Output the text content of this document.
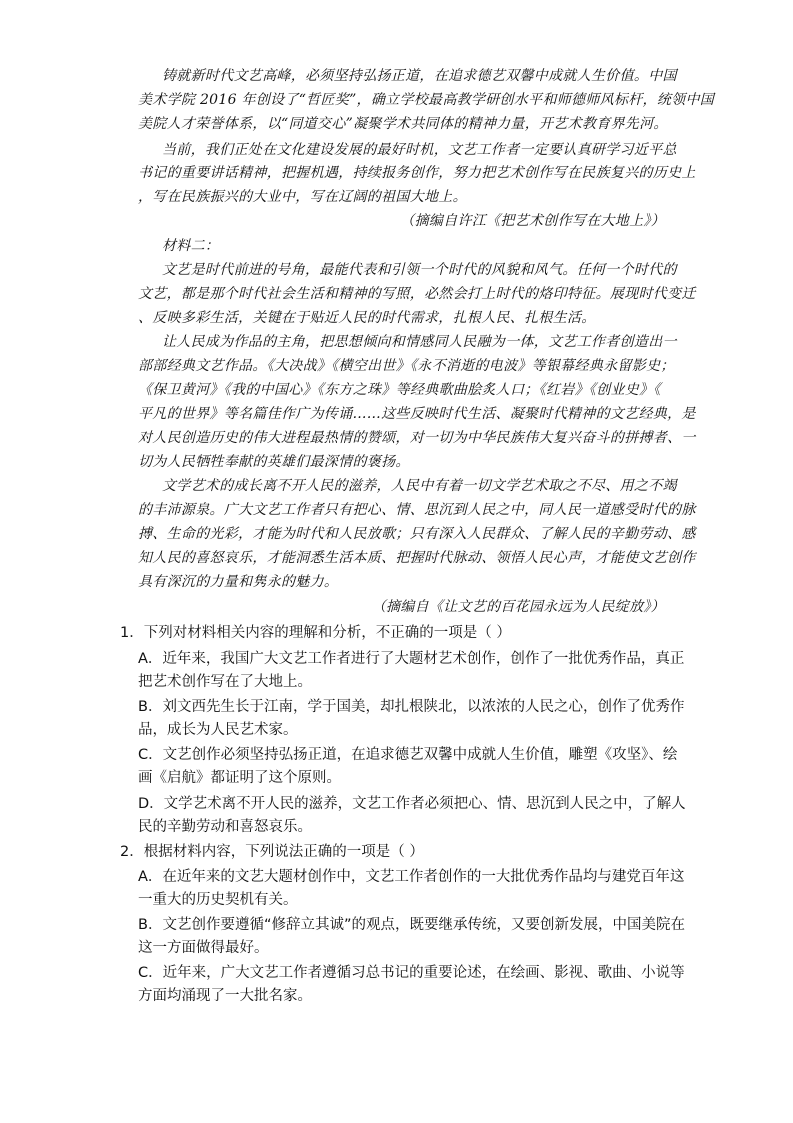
铸就新时代文艺高峰，必须坚持弘扬正道，在追求德艺双馨中成就人生价值。中国

美术学院 2016 年创设了“哲匠奖”，确立学校最高教学研创水平和师德师风标杆，统领中国

美院人才荣誉体系，以“同道交心”凝聚学术共同体的精神力量，开艺术教育界先河。

当前，我们正处在文化建设发展的最好时机，文艺工作者一定要认真研学习近平总

书记的重要讲话精神，把握机遇，持续报务创作，努力把艺术创作写在民族复兴的历史上

，写在民族振兴的大业中，写在辽阔的祖国大地上。

（摘编自许江《把艺术创作写在大地上》）

材料二：

文艺是时代前进的号角，最能代表和引领一个时代的风貌和风气。任何一个时代的

文艺，都是那个时代社会生活和精神的写照，必然会打上时代的烙印特征。展现时代变迁

、反映多彩生活，关键在于贴近人民的时代需求，扎根人民、扎根生活。

让人民成为作品的主角，把思想倾向和情感同人民融为一体，文艺工作者创造出一

部部经典文艺作品。《大决战》《横空出世》《永不消逝的电波》等银幕经典永留影史；

《保卫黄河》《我的中国心》《东方之珠》等经典歌曲脍炙人口；《红岩》《创业史》《

平凡的世界》等名篇佳作广为传诵……这些反映时代生活、凝聚时代精神的文艺经典，是

对人民创造历史的伟大进程最热情的赞颂，对一切为中华民族伟大复兴奋斗的拼搏者、一

切为人民牺牲奉献的英雄们最深情的褒扬。

文学艺术的成长离不开人民的滋养，人民中有着一切文学艺术取之不尽、用之不竭

的丰沛源泉。广大文艺工作者只有把心、情、思沉到人民之中，同人民一道感受时代的脉

搏、生命的光彩，才能为时代和人民放歌；只有深入人民群众、了解人民的辛勤劳动、感

知人民的喜怒哀乐，才能洞悉生活本质、把握时代脉动、领悟人民心声，才能使文艺创作

具有深沉的力量和隽永的魅力。

（摘编自《让文艺的百花园永远为人民绽放》）

1．下列对材料相关内容的理解和分析，不正确的一项是（ ）

A．近年来，我国广大文艺工作者进行了大题材艺术创作，创作了一批优秀作品，真正

把艺术创作写在了大地上。

B．刘文西先生长于江南，学于国美，却扎根陕北，以浓浓的人民之心，创作了优秀作

品，成长为人民艺术家。

C．文艺创作必须坚持弘扬正道，在追求德艺双馨中成就人生价值，雕塑《攻坚》、绘

画《启航》都证明了这个原则。

D．文学艺术离不开人民的滋养，文艺工作者必须把心、情、思沉到人民之中，了解人

民的辛勤劳动和喜怒哀乐。

2．根据材料内容，下列说法正确的一项是（ ）

A．在近年来的文艺大题材创作中，文艺工作者创作的一大批优秀作品均与建党百年这

一重大的历史契机有关。

B．文艺创作要遵循“修辞立其诚”的观点，既要继承传统，又要创新发展，中国美院在

这一方面做得最好。

C．近年来，广大文艺工作者遵循习总书记的重要论述，在绘画、影视、歌曲、小说等

方面均涌现了一大批名家。
